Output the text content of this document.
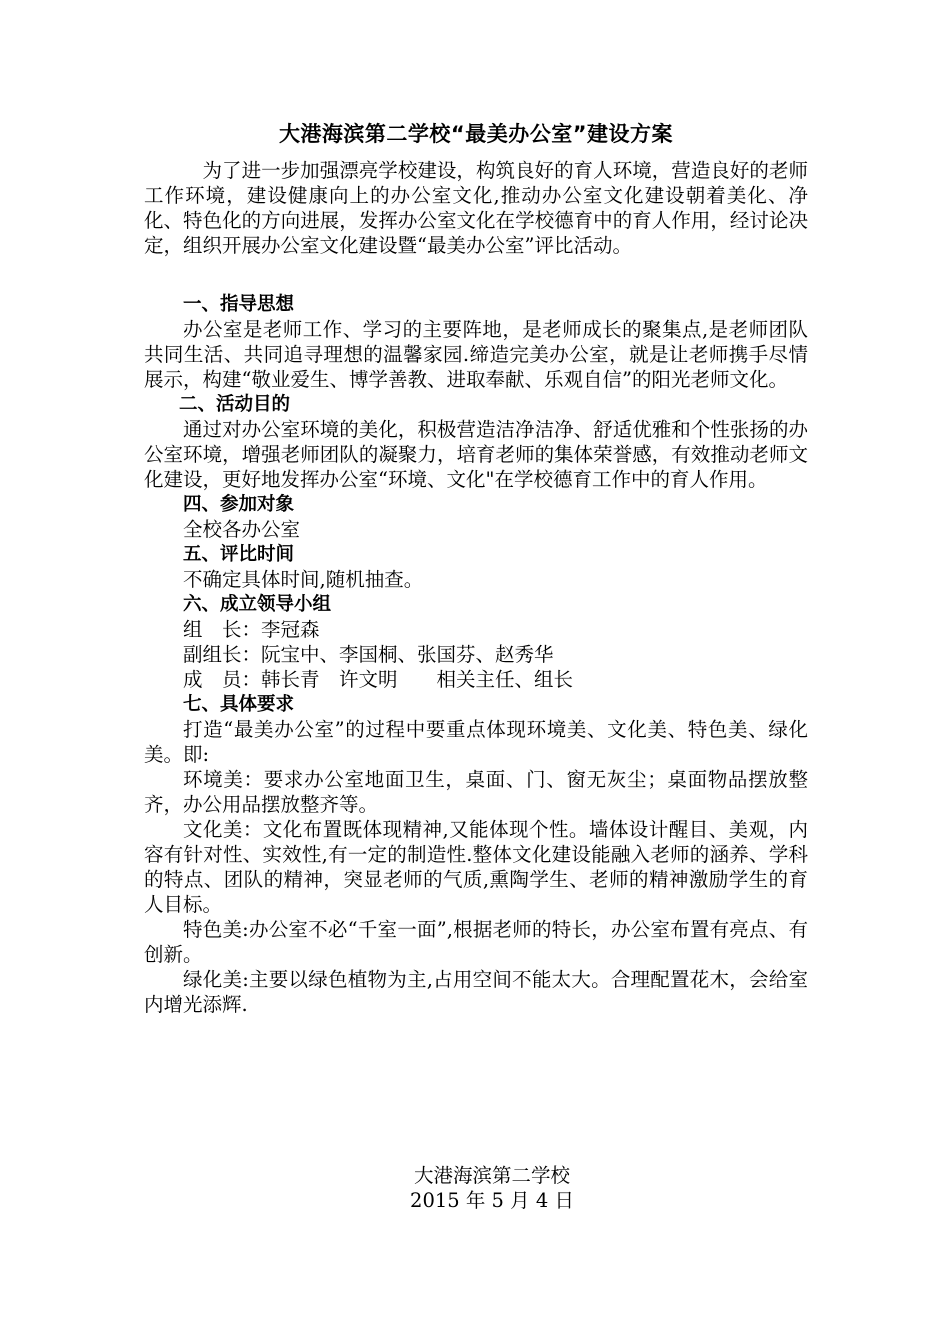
大港海滨第二学校“最美办公室”建设方案

为了进一步加强漂亮学校建设，构筑良好的育人环境，营造良好的老师工作环境，建设健康向上的办公室文化,推动办公室文化建设朝着美化、净化、特色化的方向进展，发挥办公室文化在学校德育中的育人作用，经讨论决定，组织开展办公室文化建设暨“最美办公室”评比活动。

一、指导思想

办公室是老师工作、学习的主要阵地，是老师成长的聚集点,是老师团队共同生活、共同追寻理想的温馨家园.缔造完美办公室，就是让老师携手尽情展示，构建“敬业爱生、博学善教、进取奉献、乐观自信”的阳光老师文化。

二、活动目的

通过对办公室环境的美化，积极营造洁净洁净、舒适优雅和个性张扬的办公室环境，增强老师团队的凝聚力，培育老师的集体荣誉感，有效推动老师文化建设，更好地发挥办公室“环境、文化"在学校德育工作中的育人作用。

四、参加对象

全校各办公室

五、评比时间

不确定具体时间,随机抽查。

六、成立领导小组

组　长：李冠森

副组长：阮宝中、李国桐、张国芬、赵秀华

成　员：韩长青　许文明　　相关主任、组长

七、具体要求

打造“最美办公室”的过程中要重点体现环境美、文化美、特色美、绿化美。即:

环境美：要求办公室地面卫生，桌面、门、窗无灰尘；桌面物品摆放整齐，办公用品摆放整齐等。

文化美：文化布置既体现精神,又能体现个性。墙体设计醒目、美观，内容有针对性、实效性,有一定的制造性.整体文化建设能融入老师的涵养、学科的特点、团队的精神，突显老师的气质,熏陶学生、老师的精神激励学生的育人目标。

特色美:办公室不必“千室一面”,根据老师的特长，办公室布置有亮点、有创新。

绿化美:主要以绿色植物为主,占用空间不能太大。合理配置花木，会给室内增光添辉.

大港海滨第二学校
2015 年 5 月 4 日
